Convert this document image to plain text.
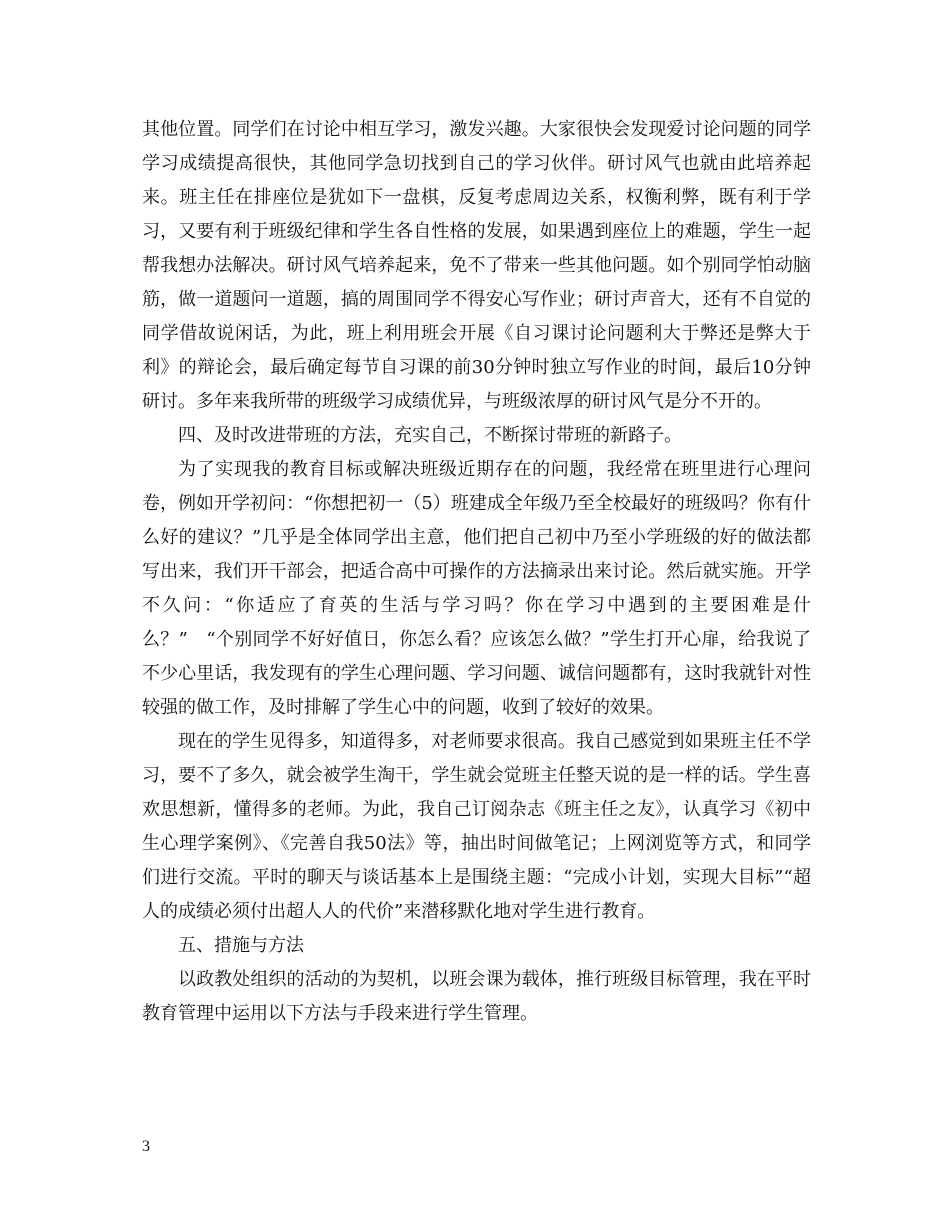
其他位置。同学们在讨论中相互学习，激发兴趣。大家很快会发现爱讨论问题的同学学习成绩提高很快，其他同学急切找到自己的学习伙伴。研讨风气也就由此培养起来。班主任在排座位是犹如下一盘棋，反复考虑周边关系，权衡利弊，既有利于学习，又要有利于班级纪律和学生各自性格的发展，如果遇到座位上的难题，学生一起帮我想办法解决。研讨风气培养起来，免不了带来一些其他问题。如个别同学怕动脑筋，做一道题问一道题，搞的周围同学不得安心写作业；研讨声音大，还有不自觉的同学借故说闲话，为此，班上利用班会开展《自习课讨论问题利大于弊还是弊大于利》的辩论会，最后确定每节自习课的前30分钟时独立写作业的时间，最后10分钟研讨。多年来我所带的班级学习成绩优异，与班级浓厚的研讨风气是分不开的。

四、及时改进带班的方法，充实自己，不断探讨带班的新路子。

为了实现我的教育目标或解决班级近期存在的问题，我经常在班里进行心理问卷，例如开学初问：“你想把初一（5）班建成全年级乃至全校最好的班级吗？你有什么好的建议？”几乎是全体同学出主意，他们把自己初中乃至小学班级的好的做法都写出来，我们开干部会，把适合高中可操作的方法摘录出来讨论。然后就实施。开学不久问：“你适应了育英的生活与学习吗？你在学习中遇到的主要困难是什么？”　“个别同学不好好值日，你怎么看？应该怎么做？”学生打开心扉，给我说了不少心里话，我发现有的学生心理问题、学习问题、诚信问题都有，这时我就针对性较强的做工作，及时排解了学生心中的问题，收到了较好的效果。

现在的学生见得多，知道得多，对老师要求很高。我自己感觉到如果班主任不学习，要不了多久，就会被学生淘干，学生就会觉班主任整天说的是一样的话。学生喜欢思想新，懂得多的老师。为此，我自己订阅杂志《班主任之友》，认真学习《初中生心理学案例》、《完善自我50法》等，抽出时间做笔记；上网浏览等方式，和同学们进行交流。平时的聊天与谈话基本上是围绕主题：“完成小计划，实现大目标”“超人的成绩必须付出超人人的代价”来潜移默化地对学生进行教育。

五、措施与方法

以政教处组织的活动的为契机，以班会课为载体，推行班级目标管理，我在平时教育管理中运用以下方法与手段来进行学生管理。

3
